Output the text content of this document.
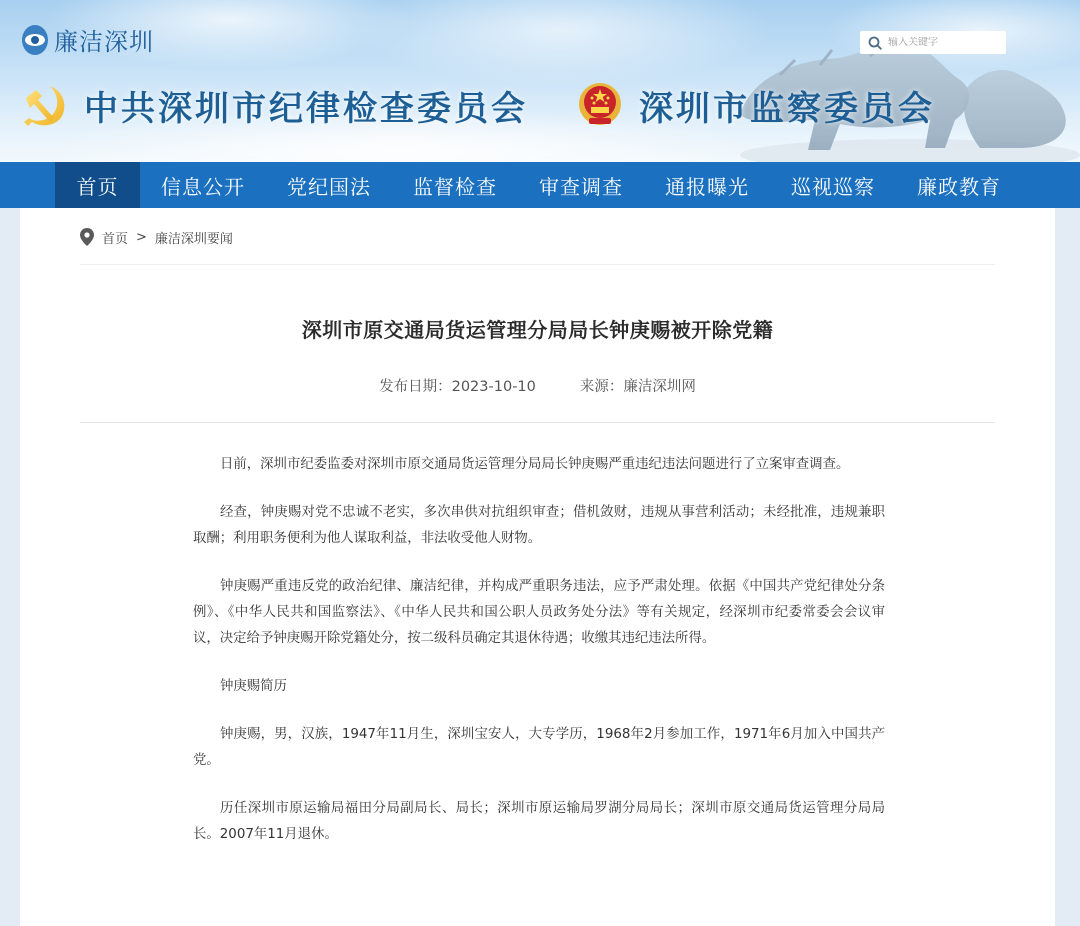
廉洁深圳
中共深圳市纪律检查委员会	深圳市监察委员会
输入关键字
首页	信息公开	党纪国法	监督检查	审查调查	通报曝光	巡视巡察	廉政教育
首页 > 廉洁深圳要闻
深圳市原交通局货运管理分局局长钟庚赐被开除党籍
发布日期：2023-10-10	来源：廉洁深圳网

日前，深圳市纪委监委对深圳市原交通局货运管理分局局长钟庚赐严重违纪违法问题进行了立案审查调查。

经查，钟庚赐对党不忠诚不老实，多次串供对抗组织审查；借机敛财，违规从事营利活动；未经批准，违规兼职取酬；利用职务便利为他人谋取利益，非法收受他人财物。

钟庚赐严重违反党的政治纪律、廉洁纪律，并构成严重职务违法，应予严肃处理。依据《中国共产党纪律处分条例》、《中华人民共和国监察法》、《中华人民共和国公职人员政务处分法》等有关规定，经深圳市纪委常委会会议审议，决定给予钟庚赐开除党籍处分，按二级科员确定其退休待遇；收缴其违纪违法所得。

钟庚赐简历

钟庚赐，男，汉族，1947年11月生，深圳宝安人，大专学历，1968年2月参加工作，1971年6月加入中国共产党。

历任深圳市原运输局福田分局副局长、局长；深圳市原运输局罗湖分局局长；深圳市原交通局货运管理分局局长。2007年11月退休。
